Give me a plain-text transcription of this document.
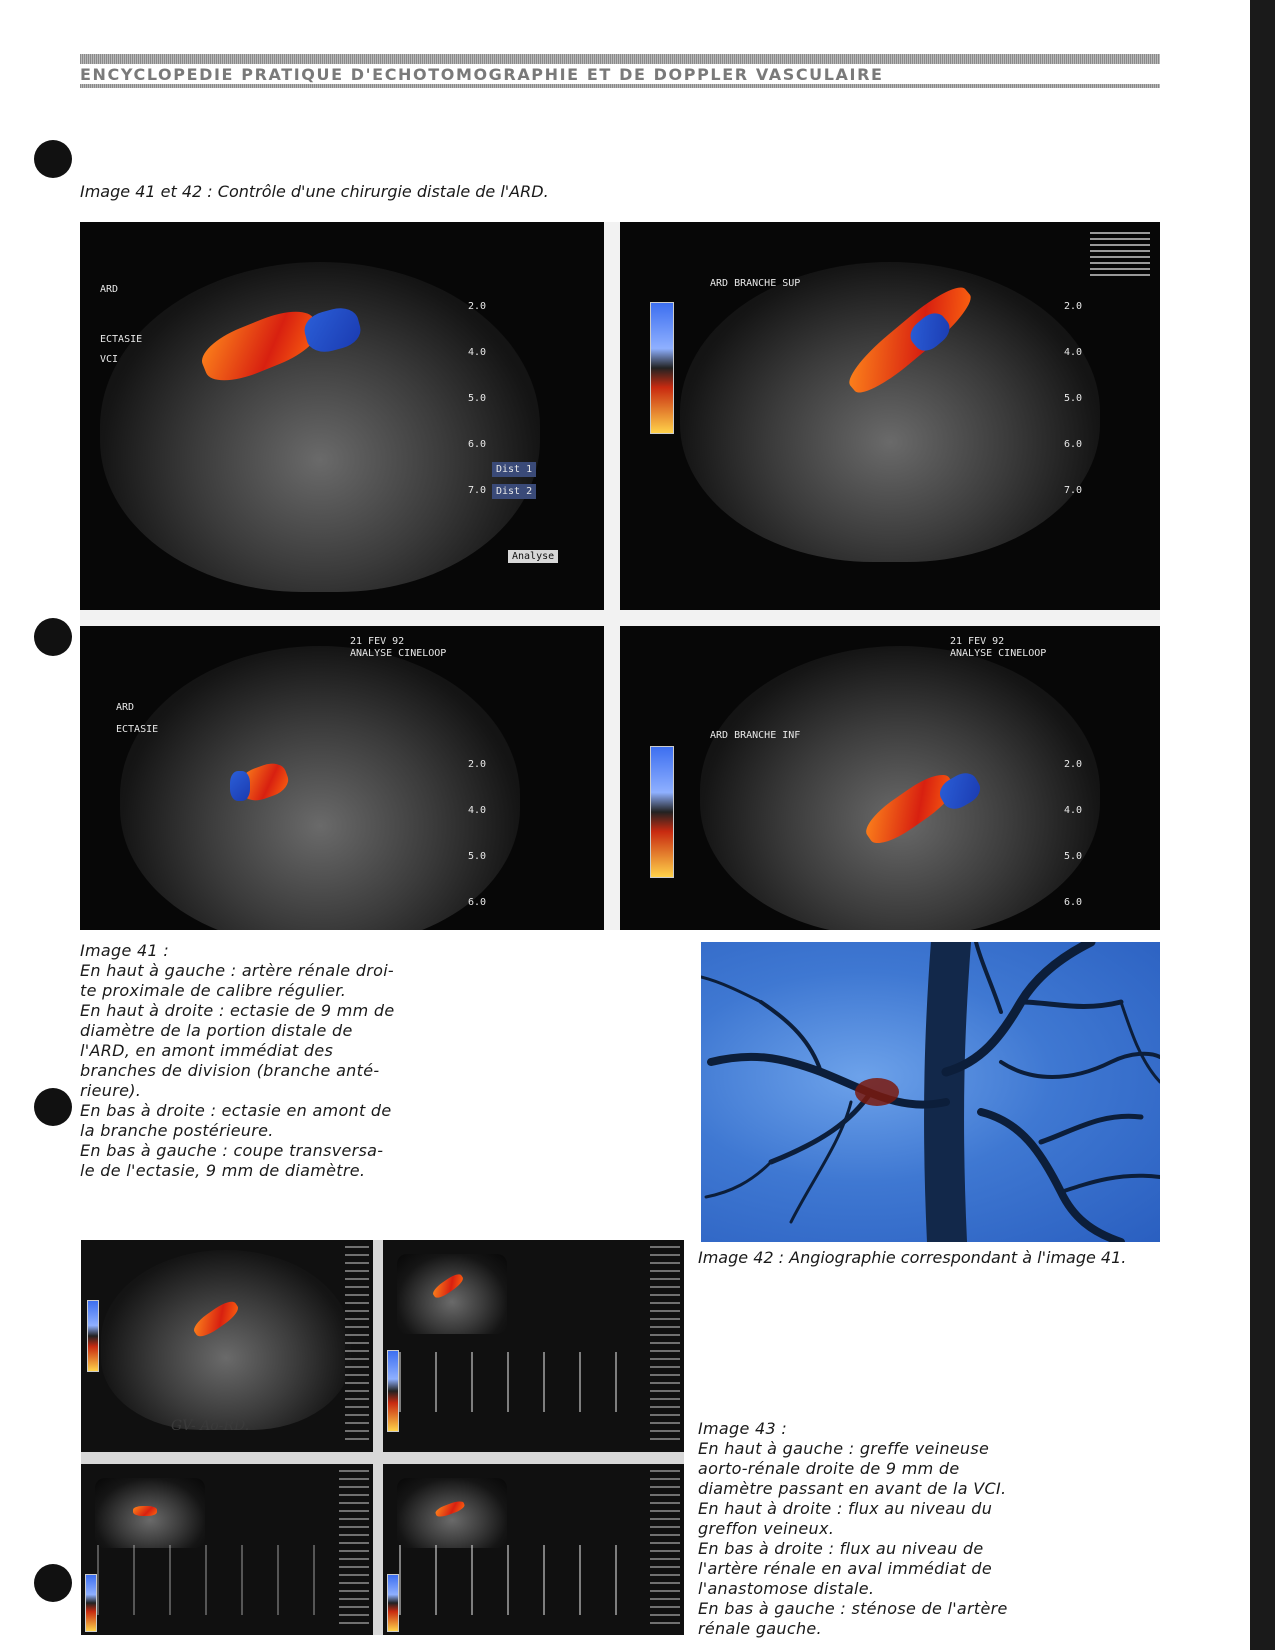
ENCYCLOPEDIE PRATIQUE D'ECHOTOMOGRAPHIE ET DE DOPPLER VASCULAIRE
Image 41 et 42 : Contrôle d'une chirurgie distale de l'ARD.
ARD
ECTASIE
VCI
2.0
4.0
5.0
6.0
7.0
Dist 1
Dist 2
Analyse
ARD BRANCHE SUP
2.0
4.0
5.0
6.0
7.0
21 FEV 92
ANALYSE CINELOOP
ARD
ECTASIE
2.0
4.0
5.0
6.0
21 FEV 92
ANALYSE CINELOOP
ARD BRANCHE INF
2.0
4.0
5.0
6.0
Image 41 :
En haut à gauche : artère rénale droi-
te proximale de calibre régulier.
En haut à droite : ectasie de 9 mm de
diamètre de la portion distale de
l'ARD, en amont immédiat des
branches de division (branche anté-
rieure).
En bas à droite : ectasie en amont de
la branche postérieure.
En bas à gauche : coupe transversa-
le de l'ectasie, 9 mm de diamètre.
Image 42 : Angiographie correspondant à l'image 41.
GV- Ao-RD.	Image 43 :
En haut à gauche : greffe veineuse
aorto-rénale droite de 9 mm de
diamètre passant en avant de la VCI.
En haut à droite : flux au niveau du
greffon veineux.
En bas à droite : flux au niveau de
l'artère rénale en aval immédiat de
l'anastomose distale.
En bas à gauche : sténose de l'artère
rénale gauche.
